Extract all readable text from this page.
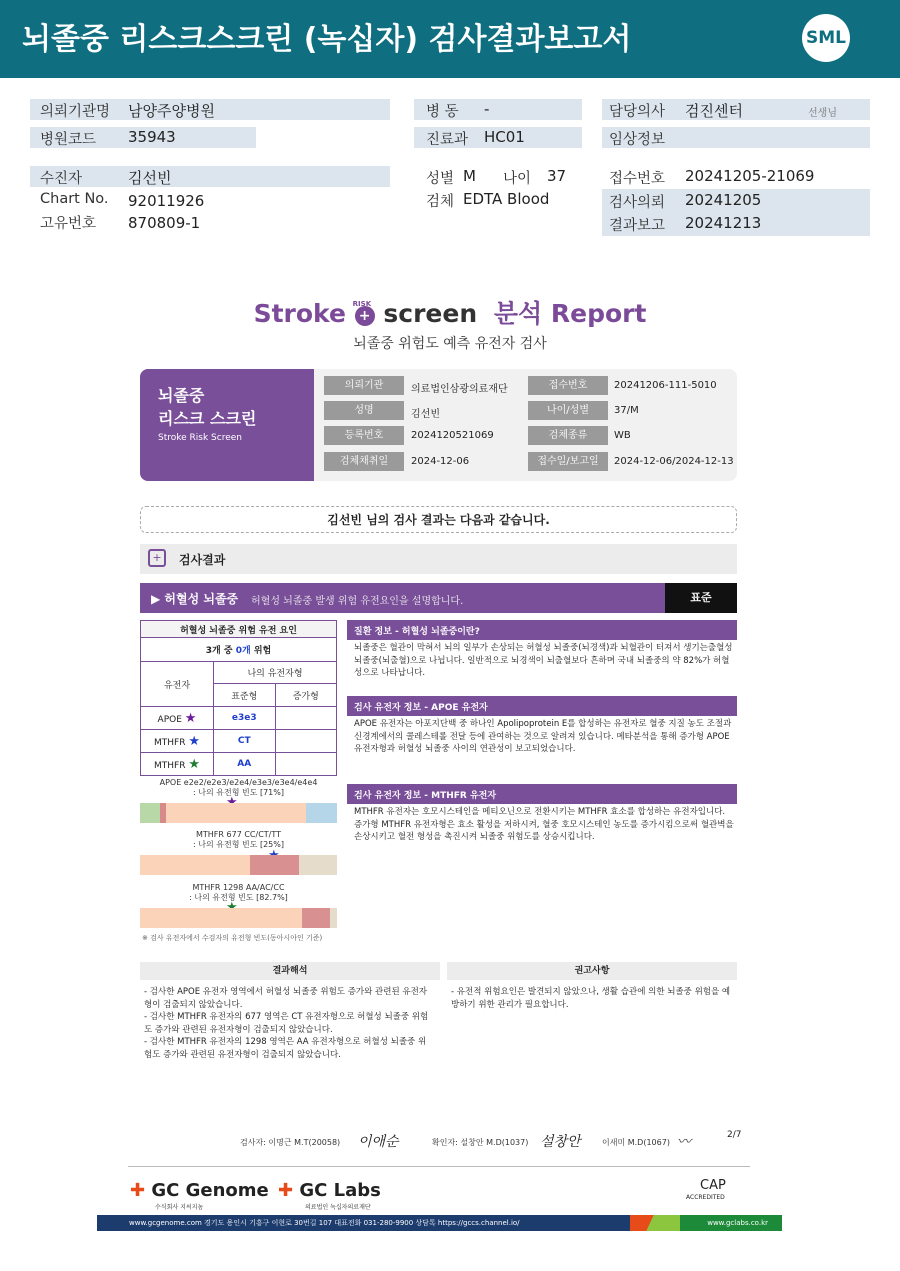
뇌졸중 리스크스크린 (녹십자) 검사결과보고서	SML
의뢰기관명 남양주양병원
병원코드 35943
병 동 -
진료과 HC01
담당의사 검진센터	선생님
임상정보
수진자	김선빈
Chart No. 92011926
고유번호 870809-1
성별 M 나이 37
검체 EDTA Blood
접수번호 20241205-21069
검사의뢰 20241205
결과보고 20241213
Stroke +
RISK screen 분석 Report
뇌졸중 위험도 예측 유전자 검사
뇌졸중
리스크 스크린
Stroke Risk Screen
의뢰기관	의료법인삼광의료재단	접수번호	20241206-111-5010
성명	김선빈	나이/성별	37/M
등록번호	2024120521069	검체종류	WB
검체채취일	2024-12-06	접수일/보고일	2024-12-06/2024-12-13
김선빈 님의 검사 결과는 다음과 같습니다.
+	검사결과
▶ 허혈성 뇌졸중 허혈성 뇌졸중 발생 위험 유전요인을 설명합니다.	표준
허혈성 뇌졸중 위험 유전 요인		
3개 중 0개 위험		
유전자	나의 유전자형	
	표준형	증가형
APOE ★	e3e3	
MTHFR ★	CT	
MTHFR ★	AA	
APOE e2e2/e2e3/e2e4/e3e3/e3e4/e4e4
: 나의 유전형 빈도 [71%]
MTHFR 677 CC/CT/TT
: 나의 유전형 빈도 [25%]
MTHFR 1298 AA/AC/CC
: 나의 유전형 빈도 [82.7%]
※ 검사 유전자에서 수검자의 유전형 빈도(동아시아인 기준)
질환 정보 - 허혈성 뇌졸중이란?
뇌졸중은 혈관이 막혀서 뇌의 일부가 손상되는 허혈성 뇌졸중(뇌경색)과 뇌혈관이 터져서 생기는출혈성 뇌졸중(뇌출혈)으로 나뉩니다. 일반적으로 뇌경색이 뇌출혈보다 흔하며 국내 뇌졸중의 약 82%가 허혈성으로 나타납니다.
검사 유전자 정보 - APOE 유전자
APOE 유전자는 아포지단백 중 하나인 Apolipoprotein E를 합성하는 유전자로 혈중 지질 농도 조절과신경계에서의 콜레스테롤 전달 등에 관여하는 것으로 알려져 있습니다. 메타분석을 통해 증가형 APOE 유전자형과 허혈성 뇌졸중 사이의 연관성이 보고되었습니다.
검사 유전자 정보 - MTHFR 유전자
MTHFR 유전자는 호모시스테인을 메티오닌으로 전환시키는 MTHFR 효소를 합성하는 유전자입니다. 증가형 MTHFR 유전자형은 효소 활성을 저하시켜, 혈중 호모시스테인 농도를 증가시킴으로써 혈관벽을 손상시키고 혈전 형성을 촉진시켜 뇌졸중 위험도를 상승시킵니다.
결과해석
- 검사한 APOE 유전자 영역에서 허혈성 뇌졸중 위험도 증가와 관련된 유전자형이 검출되지 않았습니다.
- 검사한 MTHFR 유전자의 677 영역은 CT 유전자형으로 허혈성 뇌졸중 위험도 증가와 관련된 유전자형이 검출되지 않았습니다.
- 검사한 MTHFR 유전자의 1298 영역은 AA 유전자형으로 허혈성 뇌졸중 위험도 증가와 관련된 유전자형이 검출되지 않았습니다.
권고사항
- 유전적 위험요인은 발견되지 않았으나, 생활 습관에 의한 뇌졸중 위험을 예방하기 위한 관리가 필요합니다.
검사자: 이명근 M.T(20058) 이애순	확인자: 설창안 M.D(1037) 설창안	이새미 M.D(1067) 〰︎	2/7
✚ GC Genome
수식회사 지씨지놈
✚ GC Labs
의료법인 녹십자의료재단
CAP
ACCREDITED
www.gcgenome.com 경기도 용인시 기흥구 이현로 30번길 107 대표전화 031-280-9900 상담톡 https://gccs.channel.io/	www.gclabs.co.kr
